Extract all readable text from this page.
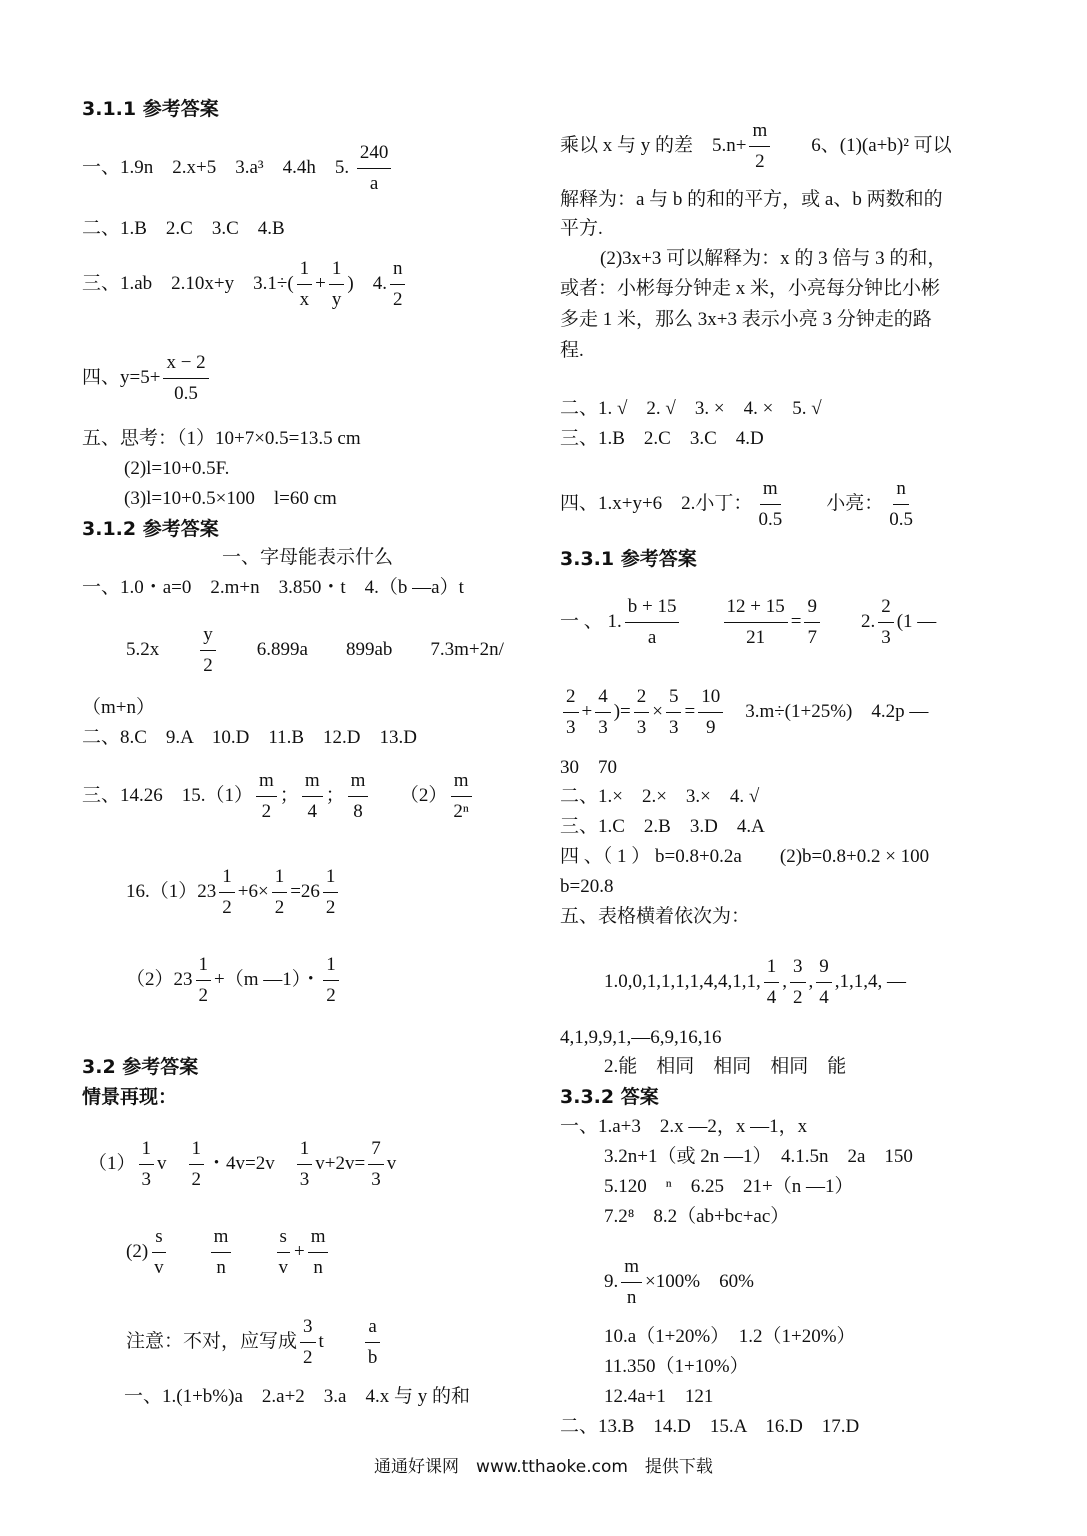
3.1.1 参考答案
一、1.9n　2.x+5　3.a³　4.4h　5. $\frac{240}{a}$
二、1.B　2.C　3.C　4.B
三、1.ab　2.10x+y　$3.1\div( \frac{1}{x} + \frac{1}{y}$ )　4. $\frac{n}{2}$
四、$y=5+ \frac{x - 2}{0.5}$
五、思考：（1）10+7×0.5=13.5 cm
(2)l=10+0.5F.
(3)l=10+0.5×100　l=60 cm
3.1.2 参考答案
一、字母能表示什么
一、1.0・a=0　2.m+n　3.850・t　4.（b —a）t
5.2x　　 $\frac{y}{2}$
　　 6.899a　　899ab　　7.3m+2n/
（m+n）
二、8.C　9.A　10.D　11.B　12.D　13.D
三、14.26　$15.(1) \frac{m}{2}$ ； $\frac{m}{4}$ ； $\frac{m}{8}$
　　 $(2) \frac{m}{\text{2ⁿ}}$
$16.(1)23 \frac{1}{2} +6\times \frac{1}{2} =26 \frac{1}{2}$
$(2)23 \frac{1}{2} +(m$ —1）・ $\frac{1}{2}$
3.2 参考答案
情景再现：
$(1) \frac{1}{3}$ v　 $\frac{1}{2}$ ・4v=2v　 $\frac{1}{3} v+2v= \frac{7}{3}$ v
$(2) \frac{s}{v}$
　　 $\frac{m}{n}$
　　 $\frac{s}{v} + \frac{m}{n}$
注意：不对，应写成 $\frac{3}{2}$ t　　 $\frac{a}{b}$
一、1.(1+b%)a　2.a+2　3.a　4.x 与 y 的和
乘以 x 与 y 的差　$5.n+ \frac{m}{2}$
　　 6、(1)(a+b)² 可以
解释为：a 与 b 的和的平方，或 a、b 两数和的
平方.
(2)3x+3 可以解释为：x 的 3 倍与 3 的和，
或者：小彬每分钟走 x 米，小亮每分钟比小彬
多走 1 米，那么 3x+3 表示小亮 3 分钟走的路
程.
二、1. √　2. √　3. ×　4. ×　5. √
三、1.B　2.C　3.C　4.D
四、1.x+y+6　2.小丁： $\frac{m}{0.5}$
　　 小亮： $\frac{n}{0.5}$
3.3.1 参考答案
一 、 1. $\frac{b + 15}{a}$
　　 $\frac{12 + 15}{21} = \frac{9}{7}$
　　 2. $\frac{2}{3} (1$ —
$\frac{2}{3} + \frac{4}{3}$ )= $\frac{2}{3} \times \frac{5}{3} = \frac{10}{9}$
　 3.m÷(1+25%)　4.2p —
30　70
二、1.×　2.×　3.×　4. √
三、1.C　2.B　3.D　4.A
四 、（ 1 ） b=0.8+0.2a　　(2)b=0.8+0.2 × 100
b=20.8
五、表格横着依次为：
1.0,0,1,1,1,1,4,4,1,1, $\frac{1}{4}$ , $\frac{3}{2}$ , $\frac{9}{4} ,1,1,4$, —
4,1,9,9,1,—6,9,16,16
2.能　相同　相同　相同　能
3.3.2 答案
一、1.a+3　2.x —2，x —1，x
3.2n+1（或 2n —1）　4.1.5n　2a　150
5.120　ⁿ　6.25　21+（n —1）
7.2⁸　8.2（ab+bc+ac）
9. $\frac{m}{n} \times 100\%$　60%
10.a（1+20%）　1.2（1+20%）
11.350（1+10%）
12.4a+1　121
二、13.B　14.D　15.A　16.D　17.D
通通好课网　www.tthaoke.com　提供下载
